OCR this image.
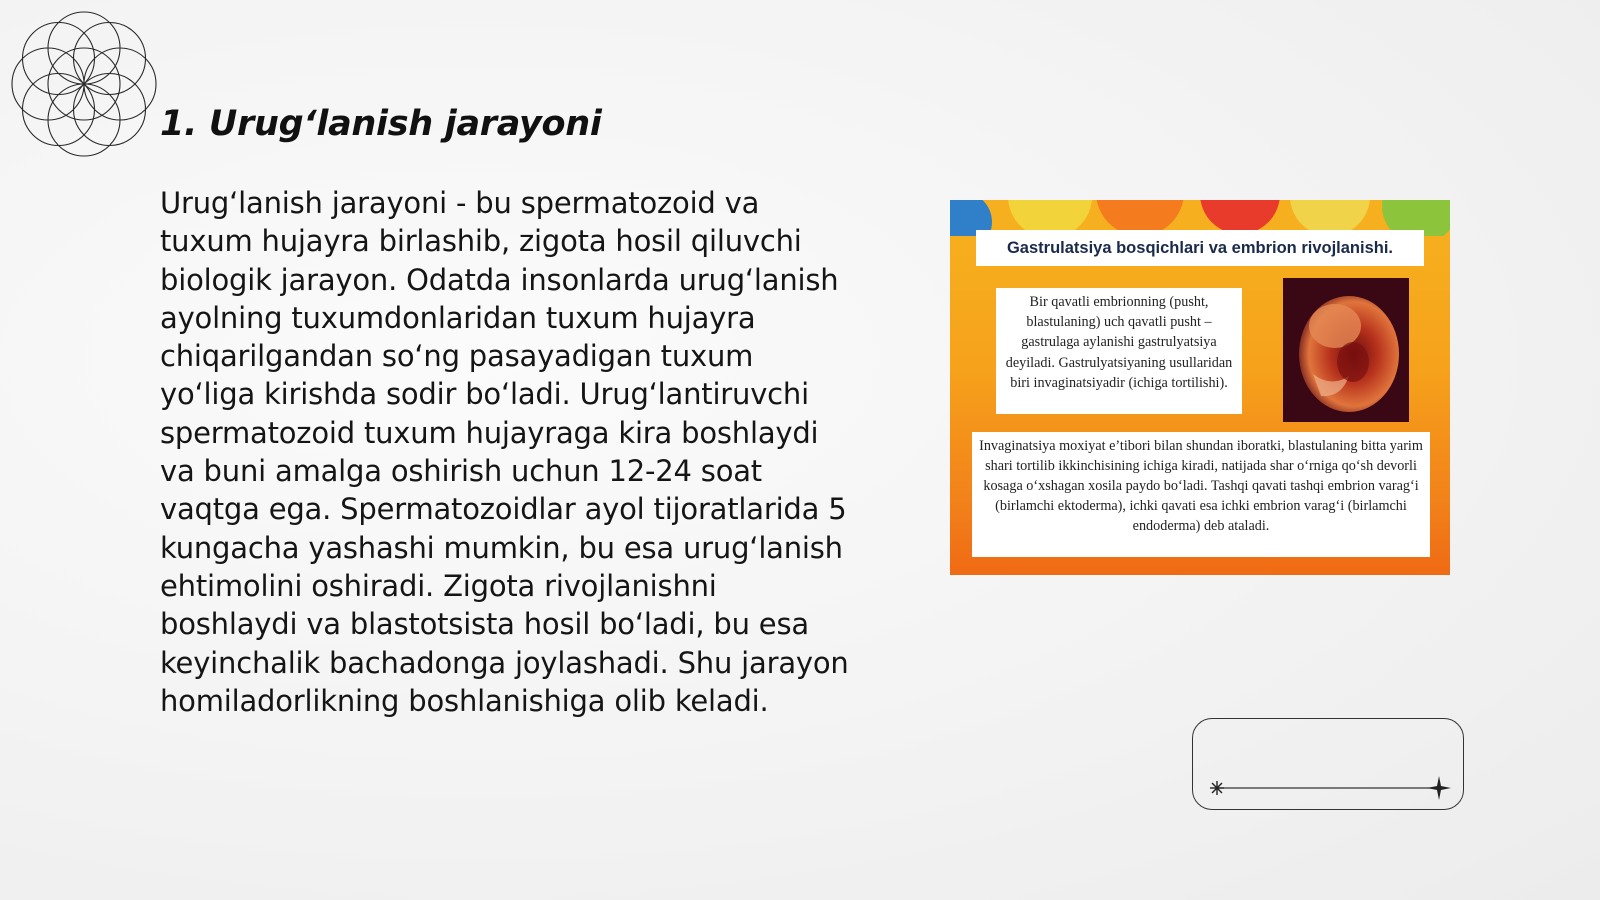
1. Urug‘lanish jarayoni

Urug‘lanish jarayoni - bu spermatozoid va tuxum hujayra birlashib, zigota hosil qiluvchi biologik jarayon. Odatda insonlarda urug‘lanish ayolning tuxumdonlaridan tuxum hujayra chiqarilgandan so‘ng pasayadigan tuxum yo‘liga kirishda sodir bo‘ladi. Urug‘lantiruvchi spermatozoid tuxum hujayraga kira boshlaydi va buni amalga oshirish uchun 12-24 soat vaqtga ega. Spermatozoidlar ayol tijoratlarida 5 kungacha yashashi mumkin, bu esa urug‘lanish ehtimolini oshiradi. Zigota rivojlanishni boshlaydi va blastotsista hosil bo‘ladi, bu esa keyinchalik bachadonga joylashadi. Shu jarayon homiladorlikning boshlanishiga olib keladi.

Gastrulatsiya bosqichlari va embrion rivojlanishi.
Bir qavatli embrionning (pusht, blastulaning) uch qavatli pusht – gastrulaga aylanishi gastrulyatsiya deyiladi. Gastrulyatsiyaning usullaridan biri invaginatsiyadir (ichiga tortilishi).
Invaginatsiya moxiyat e’tibori bilan shundan iboratki, blastulaning bitta yarim shari tortilib ikkinchisining ichiga kiradi, natijada shar o‘rniga qo‘sh devorli kosaga o‘xshagan xosila paydo bo‘ladi. Tashqi qavati tashqi embrion varag‘i (birlamchi ektoderma), ichki qavati esa ichki embrion varag‘i (birlamchi endoderma) deb ataladi.
